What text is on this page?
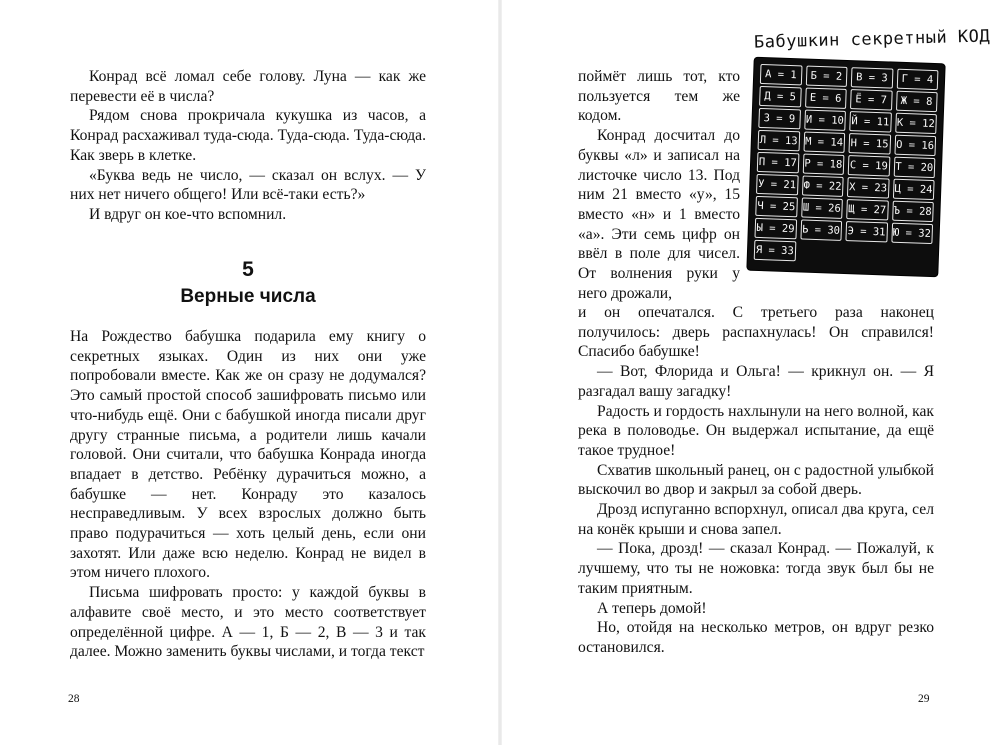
Конрад всё ломал себе голову. Луна — как же перевести её в числа?

Рядом снова прокричала кукушка из часов, а Конрад расхаживал туда-сюда. Туда-сюда. Туда-сюда. Как зверь в клетке.

«Буква ведь не число, — сказал он вслух. — У них нет ничего общего! Или всё-таки есть?»

И вдруг он кое-что вспомнил.

5
Верные числа

На Рождество бабушка подарила ему книгу о секретных языках. Один из них они уже попробовали вместе. Как же он сразу не додумался? Это самый простой способ зашифровать письмо или что-нибудь ещё. Они с бабушкой иногда писали друг другу странные письма, а родители лишь качали головой. Они считали, что бабушка Конрада иногда впадает в детство. Ребёнку дурачиться можно, а бабушке — нет. Конраду это казалось несправедливым. У всех взрослых должно быть право подурачиться — хоть целый день, если они захотят. Или даже всю неделю. Конрад не видел в этом ничего плохого.

Письма шифровать просто: у каждой буквы в алфавите своё место, и это место соответствует определённой цифре. А — 1, Б — 2, В — 3 и так далее. Можно заменить буквы числами, и тогда текст

28
Бабушкин секретный КОД
А = 1	Б = 2	В = 3	Г = 4
Д = 5	Е = 6	Ё = 7	Ж = 8
З = 9 И = 10 Й = 11 К = 12
Л = 13 М = 14 Н = 15 О = 16
П = 17 Р = 18 С = 19 Т = 20
У = 21 Ф = 22 Х = 23 Ц = 24
Ч = 25 Ш = 26 Щ = 27 Ъ = 28
Ы = 29 Ь = 30 Э = 31 Ю = 32
Я = 33

поймёт лишь тот, кто пользуется тем же кодом.

Конрад досчитал до буквы «л» и записал на листочке число 13. Под ним 21 вместо «у», 15 вместо «н» и 1 вместо «а». Эти семь цифр он ввёл в поле для чисел. От волнения руки у него дрожали,

и он опечатался. С третьего раза наконец получилось: дверь распахнулась! Он справился! Спасибо бабушке!

— Вот, Флорида и Ольга! — крикнул он. — Я разгадал вашу загадку!

Радость и гордость нахлынули на него волной, как река в половодье. Он выдержал испытание, да ещё такое трудное!

Схватив школьный ранец, он с радостной улыбкой выскочил во двор и закрыл за собой дверь.

Дрозд испуганно вспорхнул, описал два круга, сел на конёк крыши и снова запел.

— Пока, дрозд! — сказал Конрад. — Пожалуй, к лучшему, что ты не ножовка: тогда звук был бы не таким приятным.

А теперь домой!

Но, отойдя на несколько метров, он вдруг резко остановился.

29
